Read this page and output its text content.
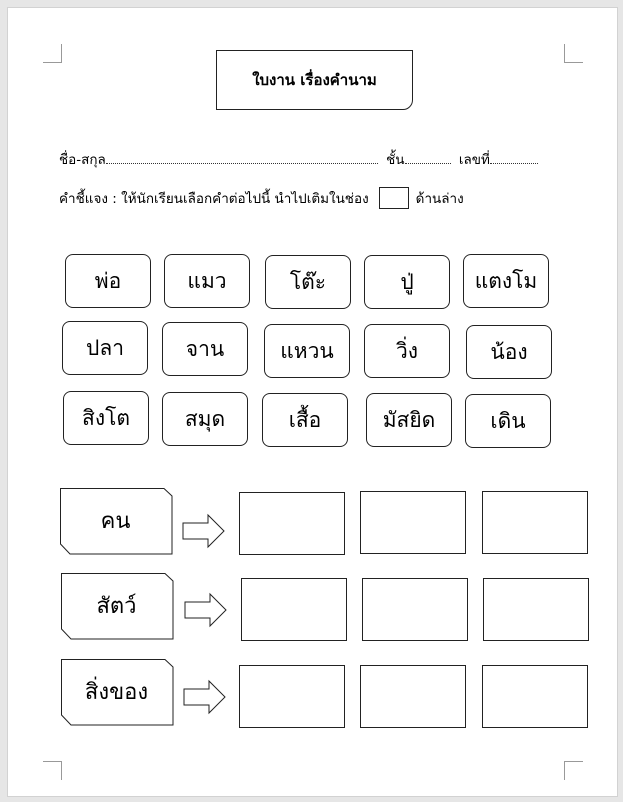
ใบงาน เรื่องคำนาม
ชื่อ-สกุล	ชั้น	เลขที่
คำชี้แจง : ให้นักเรียนเลือกคำต่อไปนี้ นำไปเติมในช่อง	ด้านล่าง
พ่อ	แมว	โต๊ะ	ปู่	แตงโม
ปลา	จาน	แหวน	วิ่ง	น้อง
สิงโต	สมุด	เสื้อ	มัสยิด	เดิน
คน
สัตว์
สิ่งของ
